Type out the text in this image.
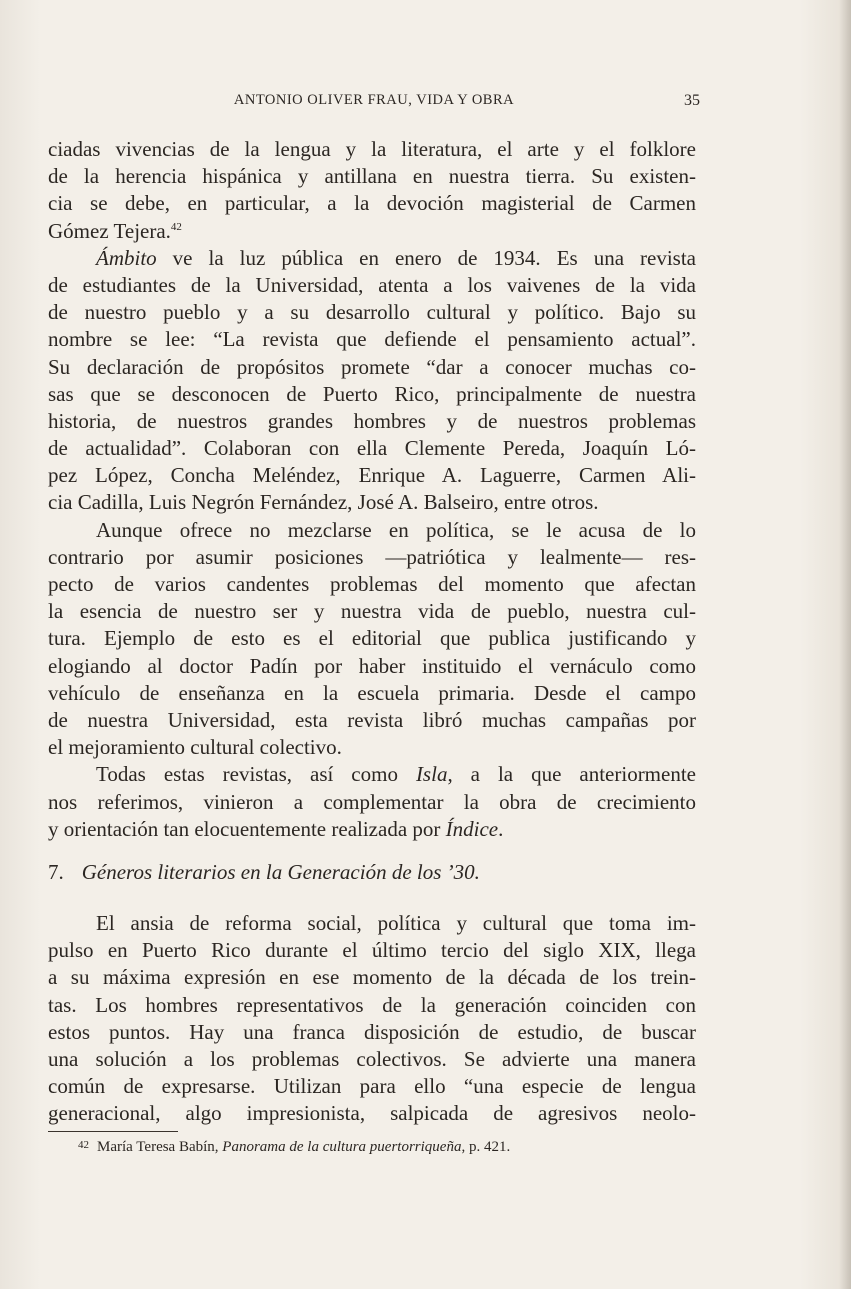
ANTONIO OLIVER FRAU, VIDA Y OBRA	35
ciadas vivencias de la lengua y la literatura, el arte y el folklore
de la herencia hispánica y antillana en nuestra tierra. Su existen-
cia se debe, en particular, a la devoción magisterial de Carmen
Gómez Tejera.$^{42}$
Ámbito ve la luz pública en enero de 1934. Es una revista
de estudiantes de la Universidad, atenta a los vaivenes de la vida
de nuestro pueblo y a su desarrollo cultural y político. Bajo su
nombre se lee: “La revista que defiende el pensamiento actual”.
Su declaración de propósitos promete “dar a conocer muchas co-
sas que se desconocen de Puerto Rico, principalmente de nuestra
historia, de nuestros grandes hombres y de nuestros problemas
de actualidad”. Colaboran con ella Clemente Pereda, Joaquín Ló-
pez López, Concha Meléndez, Enrique A. Laguerre, Carmen Ali-
cia Cadilla, Luis Negrón Fernández, José A. Balseiro, entre otros.
Aunque ofrece no mezclarse en política, se le acusa de lo
contrario por asumir posiciones —patriótica y lealmente— res-
pecto de varios candentes problemas del momento que afectan
la esencia de nuestro ser y nuestra vida de pueblo, nuestra cul-
tura. Ejemplo de esto es el editorial que publica justificando y
elogiando al doctor Padín por haber instituido el vernáculo como
vehículo de enseñanza en la escuela primaria. Desde el campo
de nuestra Universidad, esta revista libró muchas campañas por
el mejoramiento cultural colectivo.
Todas estas revistas, así como Isla, a la que anteriormente
nos referimos, vinieron a complementar la obra de crecimiento
y orientación tan elocuentemente realizada por Índice.
7. Géneros literarios en la Generación de los ’30.
El ansia de reforma social, política y cultural que toma im-
pulso en Puerto Rico durante el último tercio del siglo XIX, llega
a su máxima expresión en ese momento de la década de los trein-
tas. Los hombres representativos de la generación coinciden con
estos puntos. Hay una franca disposición de estudio, de buscar
una solución a los problemas colectivos. Se advierte una manera
común de expresarse. Utilizan para ello “una especie de lengua
generacional, algo impresionista, salpicada de agresivos neolo-
$^{42}$ María Teresa Babín, Panorama de la cultura puertorriqueña, p. 421.
